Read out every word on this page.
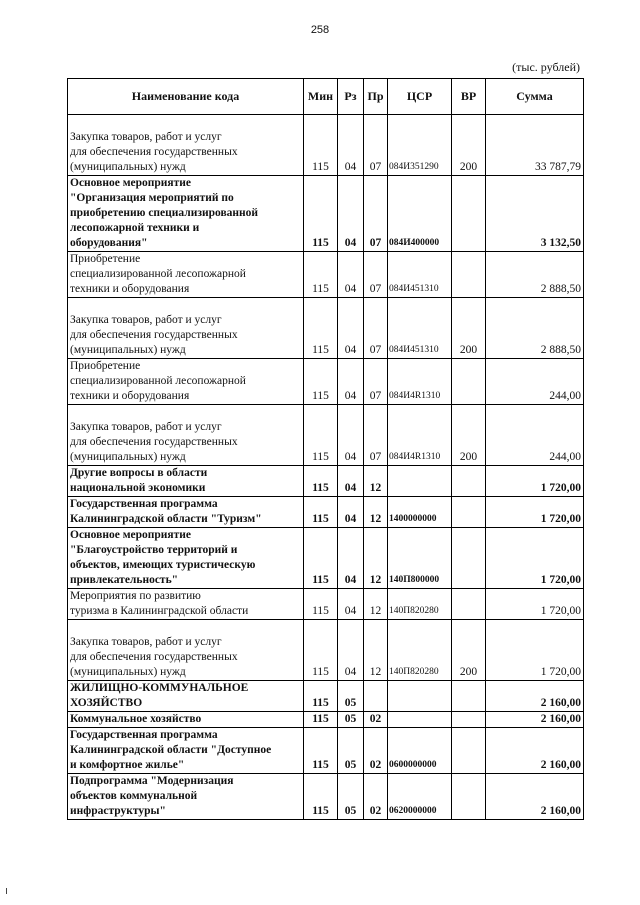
258
(тыс. рублей)
Наименование кода	Мин	Рз	Пр	ЦСР	ВР	Сумма

Закупка товаров, работ и услуг
для обеспечения государственных
(муниципальных) нужд	115	04	07	084И351290	200	33 787,79
Основное мероприятие
"Организация мероприятий по
приобретению специализированной
лесопожарной техники и
оборудования"	115	04	07	084И400000		3 132,50
Приобретение
специализированной лесопожарной
техники и оборудования	115	04	07	084И451310		2 888,50

Закупка товаров, работ и услуг
для обеспечения государственных
(муниципальных) нужд	115	04	07	084И451310	200	2 888,50
Приобретение
специализированной лесопожарной
техники и оборудования	115	04	07	084И4R1310		244,00

Закупка товаров, работ и услуг
для обеспечения государственных
(муниципальных) нужд	115	04	07	084И4R1310	200	244,00
Другие вопросы в области
национальной экономики	115	04	12			1 720,00
Государственная программа
Калининградской области "Туризм"	115	04	12	1400000000		1 720,00
Основное мероприятие
"Благоустройство территорий и
объектов, имеющих туристическую
привлекательность"	115	04	12	140П800000		1 720,00
Мероприятия по развитию
туризма в Калининградской области	115	04	12	140П820280		1 720,00

Закупка товаров, работ и услуг
для обеспечения государственных
(муниципальных) нужд	115	04	12	140П820280	200	1 720,00
ЖИЛИЩНО-КОММУНАЛЬНОЕ
ХОЗЯЙСТВО	115	05				2 160,00
Коммунальное хозяйство	115	05	02			2 160,00
Государственная программа
Калининградской области "Доступное
и комфортное жилье"	115	05	02	0600000000		2 160,00
Подпрограмма "Модернизация
объектов коммунальной
инфраструктуры"	115	05	02	0620000000		2 160,00
